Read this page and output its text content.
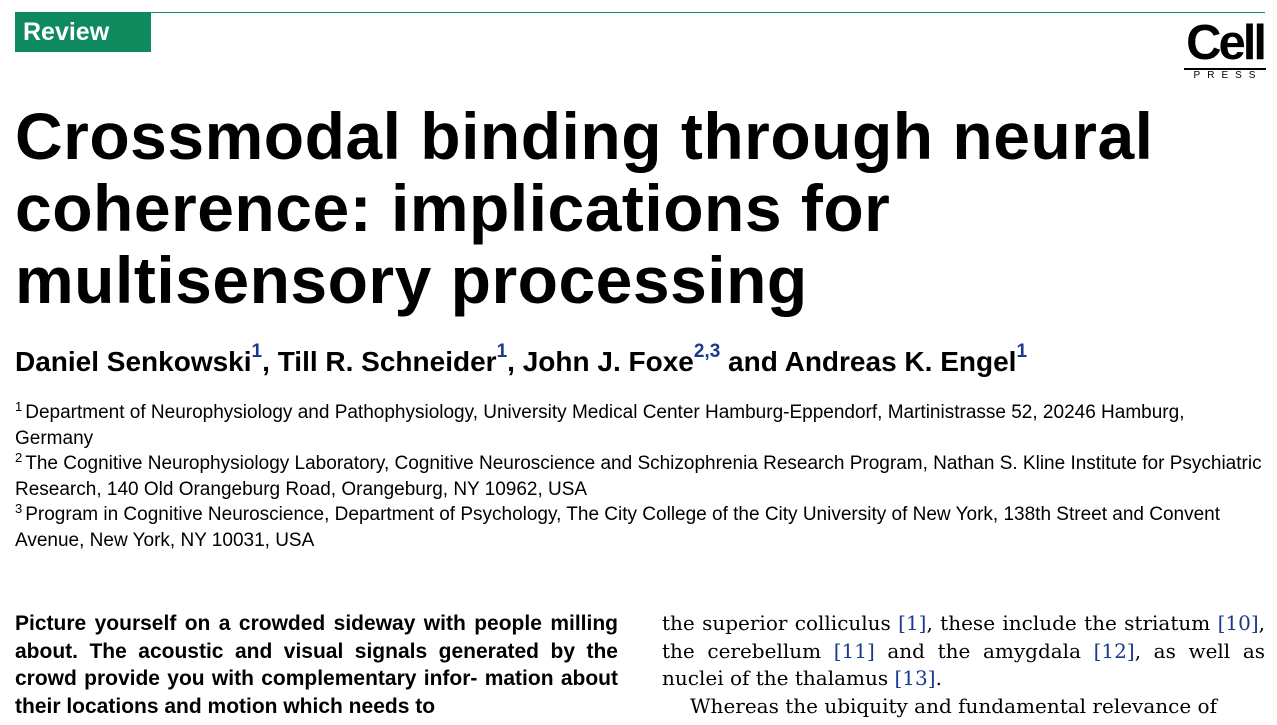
Review	Cell
PRESS
Crossmodal binding through neural
coherence: implications for
multisensory processing
Daniel Senkowski$^1$, Till R. Schneider$^1$, John J. Foxe$^{2,3}$ and Andreas K. Engel$^1$
$^1$ Department of Neurophysiology and Pathophysiology, University Medical Center Hamburg-Eppendorf, Martinistrasse 52, 20246 Hamburg, Germany
$^2$ The Cognitive Neurophysiology Laboratory, Cognitive Neuroscience and Schizophrenia Research Program, Nathan S. Kline Institute for Psychiatric Research, 140 Old Orangeburg Road, Orangeburg, NY 10962, USA
$^3$ Program in Cognitive Neuroscience, Department of Psychology, The City College of the City University of New York, 138th Street and Convent Avenue, New York, NY 10031, USA

Picture yourself on a crowded sideway with people milling about. The acoustic and visual signals generated by the crowd provide you with complementary infor- mation about their locations and motion which needs to

the superior colliculus [1], these include the striatum [10], the cerebellum [11] and the amygdala [12], as well as nuclei of the thalamus [13].

Whereas the ubiquity and fundamental relevance of
